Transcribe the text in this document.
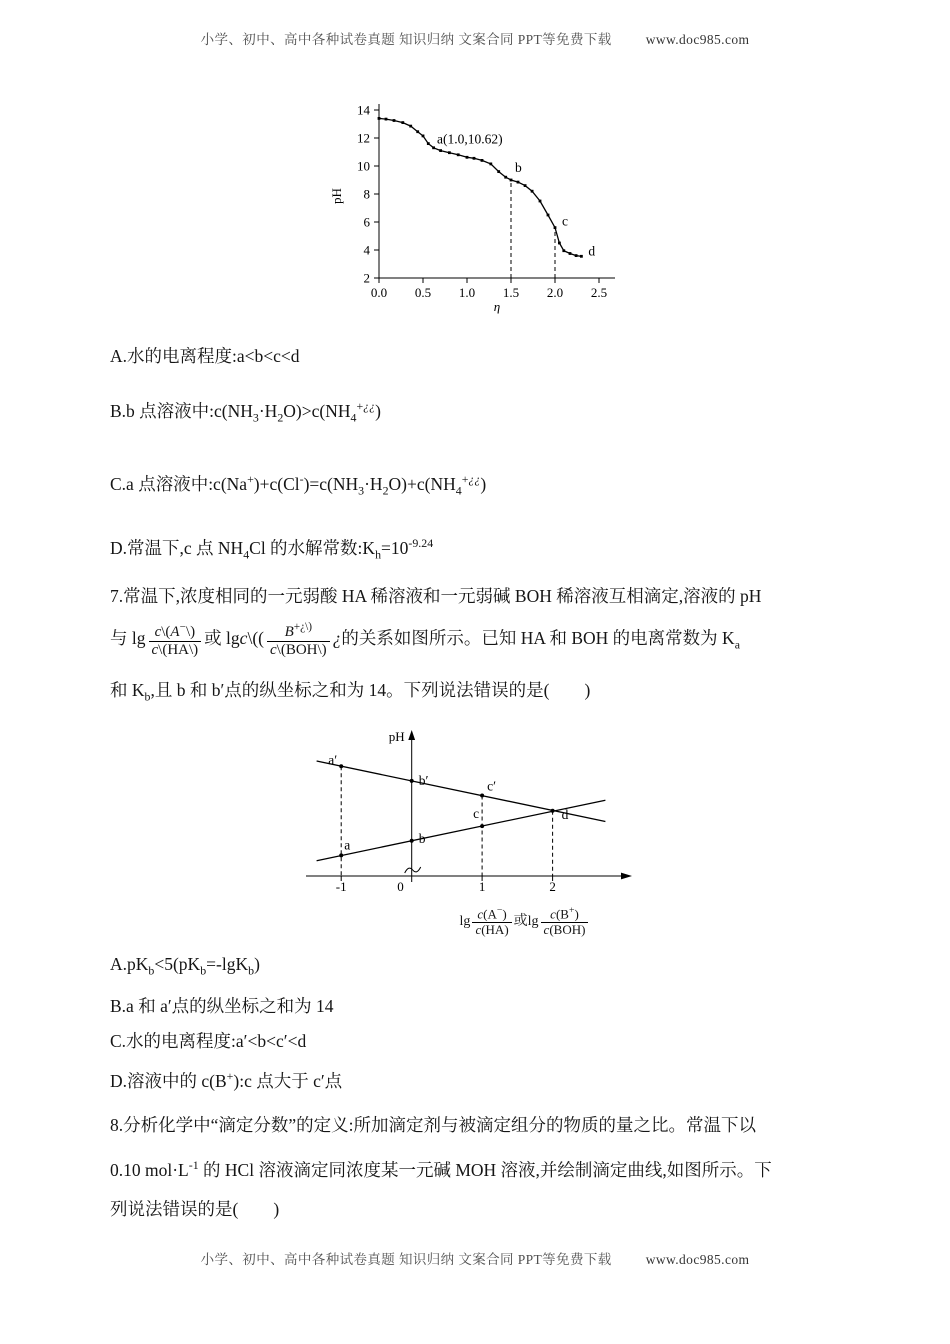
小学、初中、高中各种试卷真题 知识归纳 文案合同 PPT等免费下载	www.doc985.com
2
4
6
8
10
12
14
0.0 0.5 1.0 1.5 2.0 2.5
pH
η
a(1.0,10.62)
b
c
d
A.水的电离程度:a<b<c<d
B.b 点溶液中$:c(NH_3\cdot H_2O)>c(NH_4^{+¿¿})$
C.a 点溶液中$:c(Na^+)+c(Cl^-)=c(NH_3\cdot H_2O)+c(NH_4^{+¿¿})$
D.常温下,c 点 $NH_4Cl$ 的水解常数$:K_h=10^{-9.24}$
7.常温下,浓度相同的一元弱酸 HA 稀溶液和一元弱碱 BOH 稀溶液互相滴定,溶液的 pH
与 $\lg \frac{c\backslash(A^-\backslash)}{c\backslash(HA\backslash)}$ 或 lgc\(( $\frac{B^{+¿\backslash)}}{\text{c\textbackslash{}(BOH\textbackslash{})}}$ ¿的关系如图所示。已知 HA 和 BOH 的电离常数为 $K_a$
和 $K_b$,且 b 和 b′点的纵坐标之和为 14。下列说法错误的是(        )
pH
-1	0	1	2
a′
b′	c′
d
a	b
c
$\lg \frac{c(A^-)}{c(HA)}$ 或$\lg \frac{c(B^+)}{\text{c(BOH)}}$
$A.pK_b<5(pK_b=-\lg K_b)$
B.a 和 a′点的纵坐标之和为 14
C.水的电离程度:a′<b<c′<d
D.溶液中的 c(B+):c 点大于 c′点
8.分析化学中“滴定分数”的定义:所加滴定剂与被滴定组分的物质的量之比。常温下以
0.10 $mol\cdot L^{-1}$ 的 HCl 溶液滴定同浓度某一元碱 MOH 溶液,并绘制滴定曲线,如图所示。下
列说法错误的是(        )
小学、初中、高中各种试卷真题 知识归纳 文案合同 PPT等免费下载	www.doc985.com
